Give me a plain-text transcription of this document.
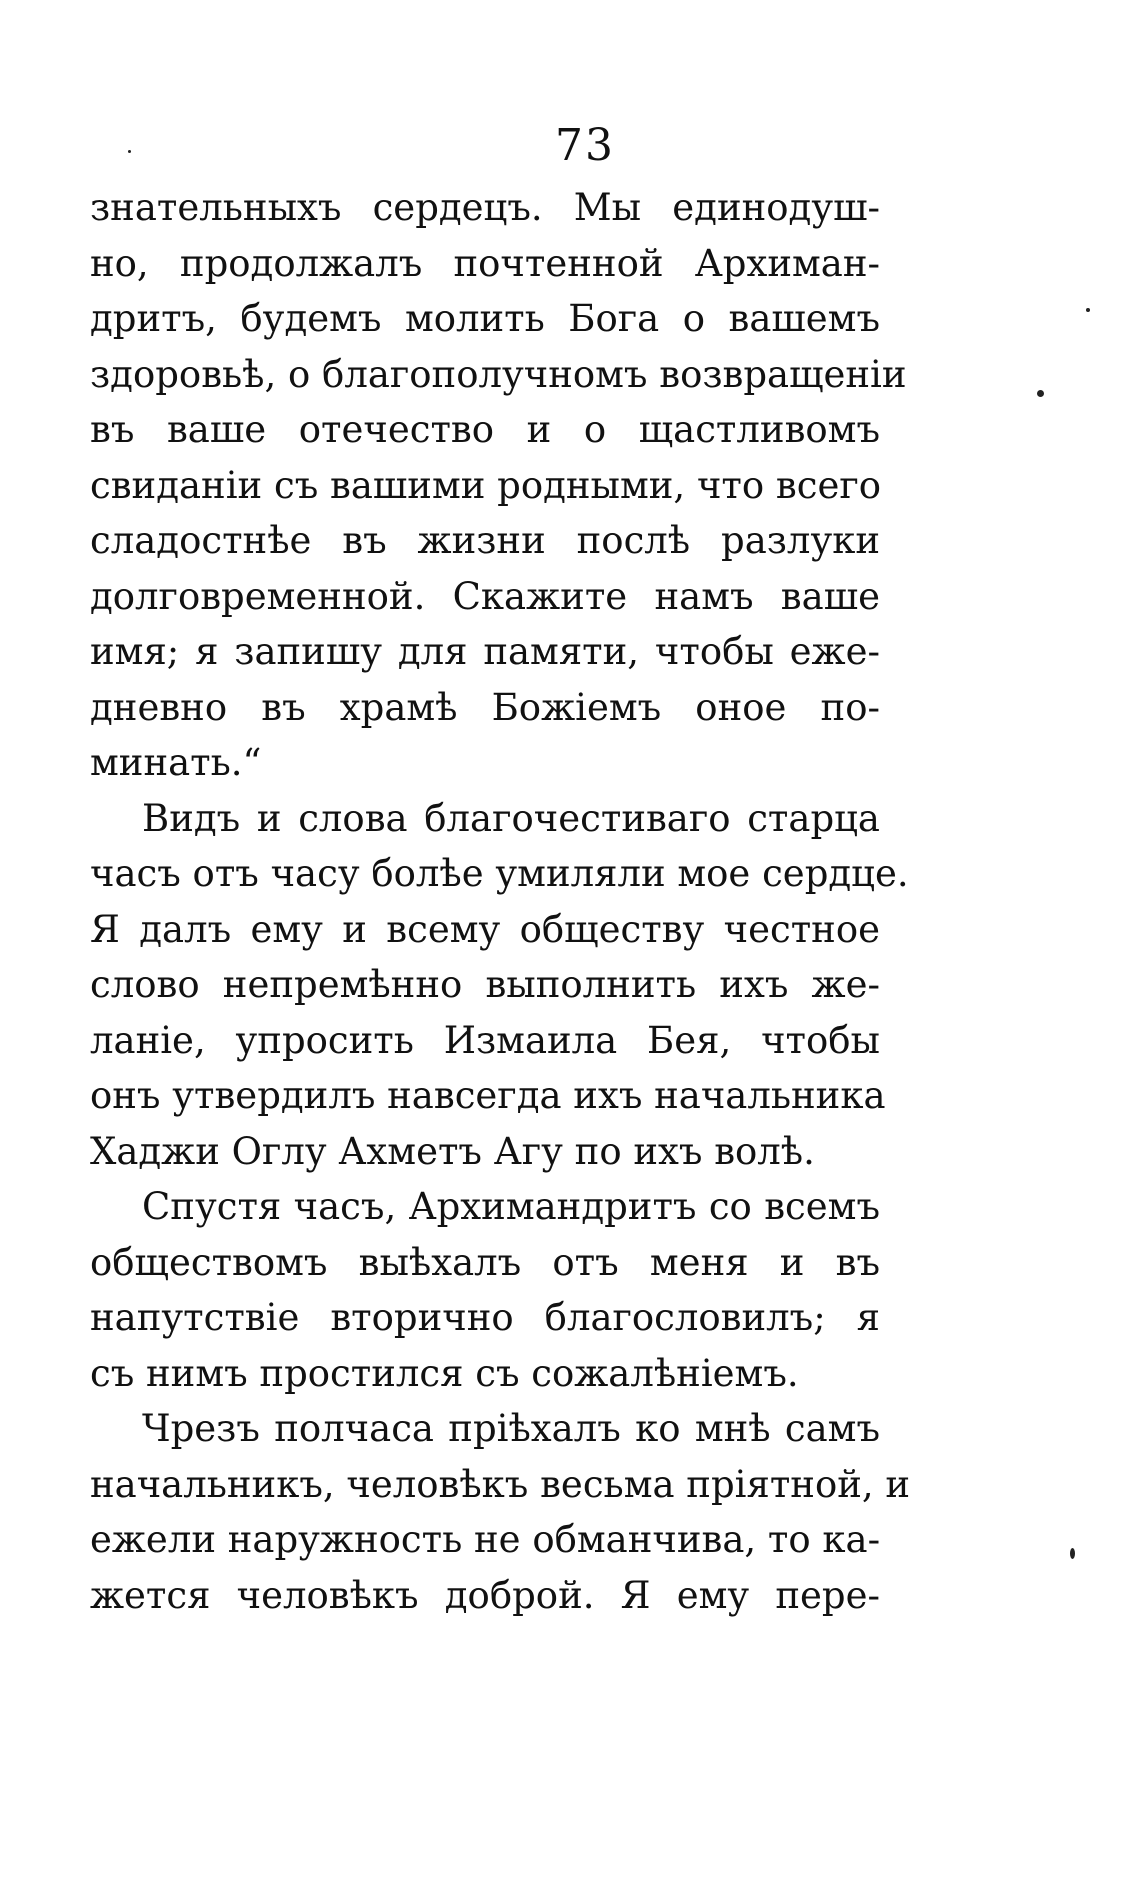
73
знательныхъ сердецъ. Мы единодуш-
но, продолжалъ почтенной Архиман-
дритъ, будемъ молить Бога о вашемъ
здоровьѣ, о благополучномъ возвращеніи
въ ваше отечество и о щастливомъ
свиданіи съ вашими родными, что всего
сладостнѣе въ жизни послѣ разлуки
долговременной. Скажите намъ ваше
имя; я запишу для памяти, чтобы еже-
дневно въ храмѣ Божіемъ оное по-
минать.“
Видъ и слова благочестиваго старца
часъ отъ часу болѣе умиляли мое сердце.
Я далъ ему и всему обществу честное
слово непремѣнно выполнить ихъ же-
ланіе, упросить Измаила Бея, чтобы
онъ утвердилъ навсегда ихъ начальника
Хаджи Оглу Ахметъ Агу по ихъ волѣ.
Спустя часъ, Архимандритъ со всемъ
обществомъ выѣхалъ отъ меня и въ
напутствіе вторично благословилъ; я
съ нимъ простился съ сожалѣніемъ.
Чрезъ полчаса пріѣхалъ ко мнѣ самъ
начальникъ, человѣкъ весьма пріятной, и
ежели наружность не обманчива, то ка-
жется человѣкъ доброй. Я ему пере-
